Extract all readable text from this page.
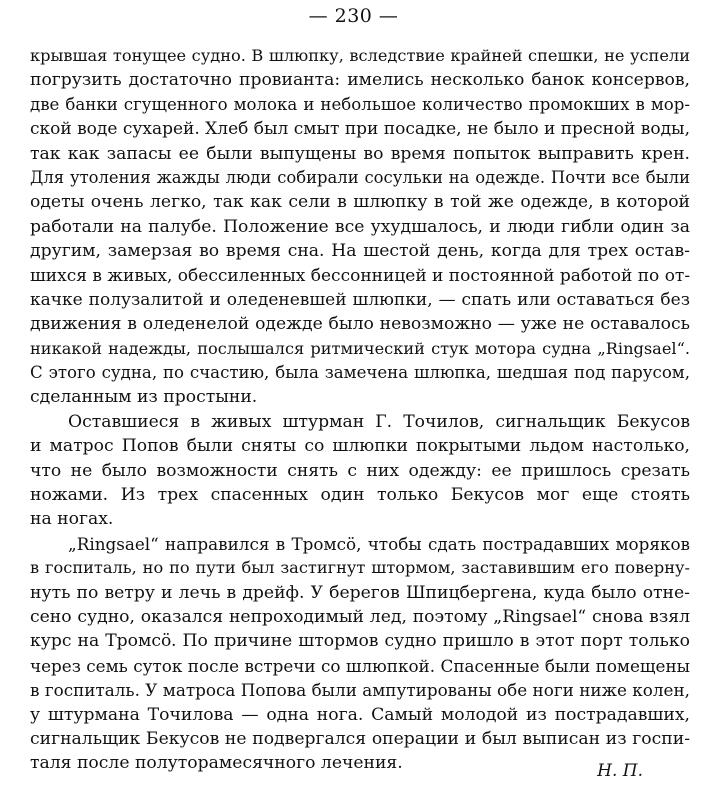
— 230 —
крывшая тонущее судно. В шлюпку, вследствие крайней спешки, не успели
погрузить достаточно провианта: имелись несколько банок консервов,
две банки сгущенного молока и небольшое количество промокших в мор-
ской воде сухарей. Хлеб был смыт при посадке, не было и пресной воды,
так как запасы ее были выпущены во время попыток выправить крен.
Для утоления жажды люди собирали сосульки на одежде. Почти все были
одеты очень легко, так как сели в шлюпку в той же одежде, в которой
работали на палубе. Положение все ухудшалось, и люди гибли один за
другим, замерзая во время сна. На шестой день, когда для трех остав-
шихся в живых, обессиленных бессонницей и постоянной работой по от-
качке полузалитой и оледеневшей шлюпки, — спать или оставаться без
движения в оледенелой одежде было невозможно — уже не оставалось
никакой надежды, послышался ритмический стук мотора судна „Ringsael“.
С этого судна, по счастию, была замечена шлюпка, шедшая под парусом,
сделанным из простыни.
Оставшиеся в живых штурман Г. Точилов, сигнальщик Бекусов
и матрос Попов были сняты со шлюпки покрытыми льдом настолько,
что не было возможности снять с них одежду: ее пришлось срезать
ножами. Из трех спасенных один только Бекусов мог еще стоять
на ногах.
„Ringsael“ направился в Тромсö, чтобы сдать пострадавших моряков
в госпиталь, но по пути был застигнут штормом, заставившим его поверну-
нуть по ветру и лечь в дрейф. У берегов Шпицбергена, куда было отне-
сено судно, оказался непроходимый лед, поэтому „Ringsael“ снова взял
курс на Тромсö. По причине штормов судно пришло в этот порт только
через семь суток после встречи со шлюпкой. Спасенные были помещены
в госпиталь. У матроса Попова были ампутированы обе ноги ниже колен,
у штурмана Точилова — одна нога. Самый молодой из пострадавших,
сигнальщик Бекусов не подвергался операции и был выписан из госпи-
таля после полуторамесячного лечения.	Н. П.
